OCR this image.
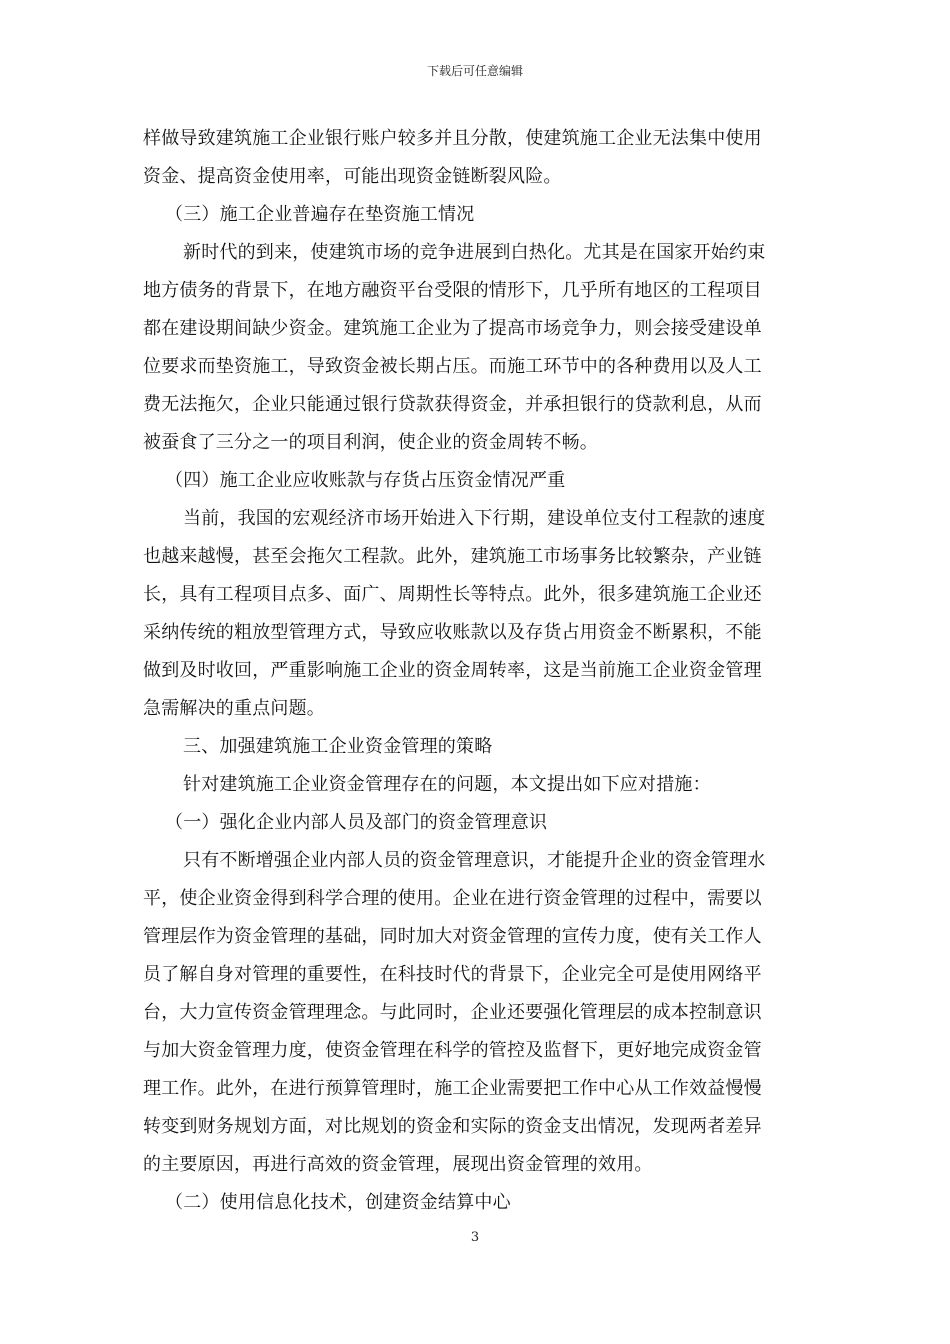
下载后可任意编辑
样做导致建筑施工企业银行账户较多并且分散，使建筑施工企业无法集中使用
资金、提高资金使用率，可能出现资金链断裂风险。
（三）施工企业普遍存在垫资施工情况
新时代的到来，使建筑市场的竞争进展到白热化。尤其是在国家开始约束
地方债务的背景下，在地方融资平台受限的情形下，几乎所有地区的工程项目
都在建设期间缺少资金。建筑施工企业为了提高市场竞争力，则会接受建设单
位要求而垫资施工，导致资金被长期占压。而施工环节中的各种费用以及人工
费无法拖欠，企业只能通过银行贷款获得资金，并承担银行的贷款利息，从而
被蚕食了三分之一的项目利润，使企业的资金周转不畅。
（四）施工企业应收账款与存货占压资金情况严重
当前，我国的宏观经济市场开始进入下行期，建设单位支付工程款的速度
也越来越慢，甚至会拖欠工程款。此外，建筑施工市场事务比较繁杂，产业链
长，具有工程项目点多、面广、周期性长等特点。此外，很多建筑施工企业还
采纳传统的粗放型管理方式，导致应收账款以及存货占用资金不断累积，不能
做到及时收回，严重影响施工企业的资金周转率，这是当前施工企业资金管理
急需解决的重点问题。
三、加强建筑施工企业资金管理的策略
针对建筑施工企业资金管理存在的问题，本文提出如下应对措施：
（一）强化企业内部人员及部门的资金管理意识
只有不断增强企业内部人员的资金管理意识，才能提升企业的资金管理水
平，使企业资金得到科学合理的使用。企业在进行资金管理的过程中，需要以
管理层作为资金管理的基础，同时加大对资金管理的宣传力度，使有关工作人
员了解自身对管理的重要性，在科技时代的背景下，企业完全可是使用网络平
台，大力宣传资金管理理念。与此同时，企业还要强化管理层的成本控制意识
与加大资金管理力度，使资金管理在科学的管控及监督下，更好地完成资金管
理工作。此外，在进行预算管理时，施工企业需要把工作中心从工作效益慢慢
转变到财务规划方面，对比规划的资金和实际的资金支出情况，发现两者差异
的主要原因，再进行高效的资金管理，展现出资金管理的效用。
（二）使用信息化技术，创建资金结算中心
3
